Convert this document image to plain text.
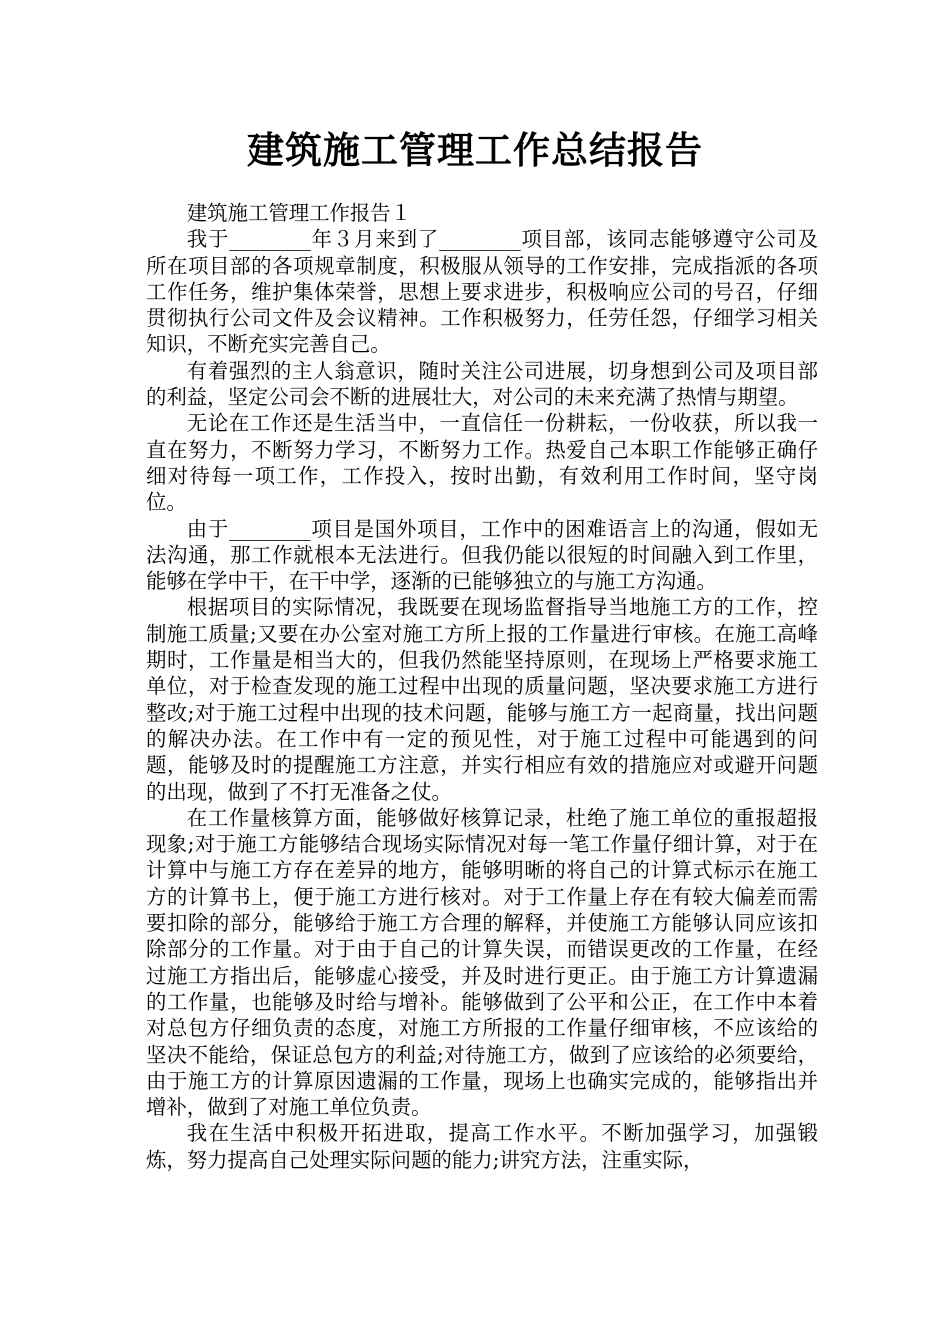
建筑施工管理工作总结报告

建筑施工管理工作报告１

我于________年３月来到了________项目部，该同志能够遵守公司及所在项目部的各项规章制度，积极服从领导的工作安排，完成指派的各项工作任务，维护集体荣誉，思想上要求进步，积极响应公司的号召，仔细贯彻执行公司文件及会议精神。工作积极努力，任劳任怨，仔细学习相关知识，不断充实完善自己。

有着强烈的主人翁意识，随时关注公司进展，切身想到公司及项目部的利益，坚定公司会不断的进展壮大，对公司的未来充满了热情与期望。

无论在工作还是生活当中，一直信任一份耕耘，一份收获，所以我一直在努力，不断努力学习，不断努力工作。热爱自己本职工作能够正确仔细对待每一项工作，工作投入，按时出勤，有效利用工作时间，坚守岗位。

由于________项目是国外项目，工作中的困难语言上的沟通，假如无法沟通，那工作就根本无法进行。但我仍能以很短的时间融入到工作里，能够在学中干，在干中学，逐渐的已能够独立的与施工方沟通。

根据项目的实际情况，我既要在现场监督指导当地施工方的工作，控制施工质量;又要在办公室对施工方所上报的工作量进行审核。在施工高峰期时，工作量是相当大的，但我仍然能坚持原则，在现场上严格要求施工单位，对于检查发现的施工过程中出现的质量问题，坚决要求施工方进行整改;对于施工过程中出现的技术问题，能够与施工方一起商量，找出问题的解决办法。在工作中有一定的预见性，对于施工过程中可能遇到的问题，能够及时的提醒施工方注意，并实行相应有效的措施应对或避开问题的出现，做到了不打无准备之仗。

在工作量核算方面，能够做好核算记录，杜绝了施工单位的重报超报现象;对于施工方能够结合现场实际情况对每一笔工作量仔细计算，对于在计算中与施工方存在差异的地方，能够明晰的将自己的计算式标示在施工方的计算书上，便于施工方进行核对。对于工作量上存在有较大偏差而需要扣除的部分，能够给于施工方合理的解释，并使施工方能够认同应该扣除部分的工作量。对于由于自己的计算失误，而错误更改的工作量，在经过施工方指出后，能够虚心接受，并及时进行更正。由于施工方计算遗漏的工作量，也能够及时给与增补。能够做到了公平和公正，在工作中本着对总包方仔细负责的态度，对施工方所报的工作量仔细审核，不应该给的坚决不能给，保证总包方的利益;对待施工方，做到了应该给的必须要给，由于施工方的计算原因遗漏的工作量，现场上也确实完成的，能够指出并增补，做到了对施工单位负责。

我在生活中积极开拓进取，提高工作水平。不断加强学习，加强锻炼，努力提高自己处理实际问题的能力;讲究方法，注重实际，
